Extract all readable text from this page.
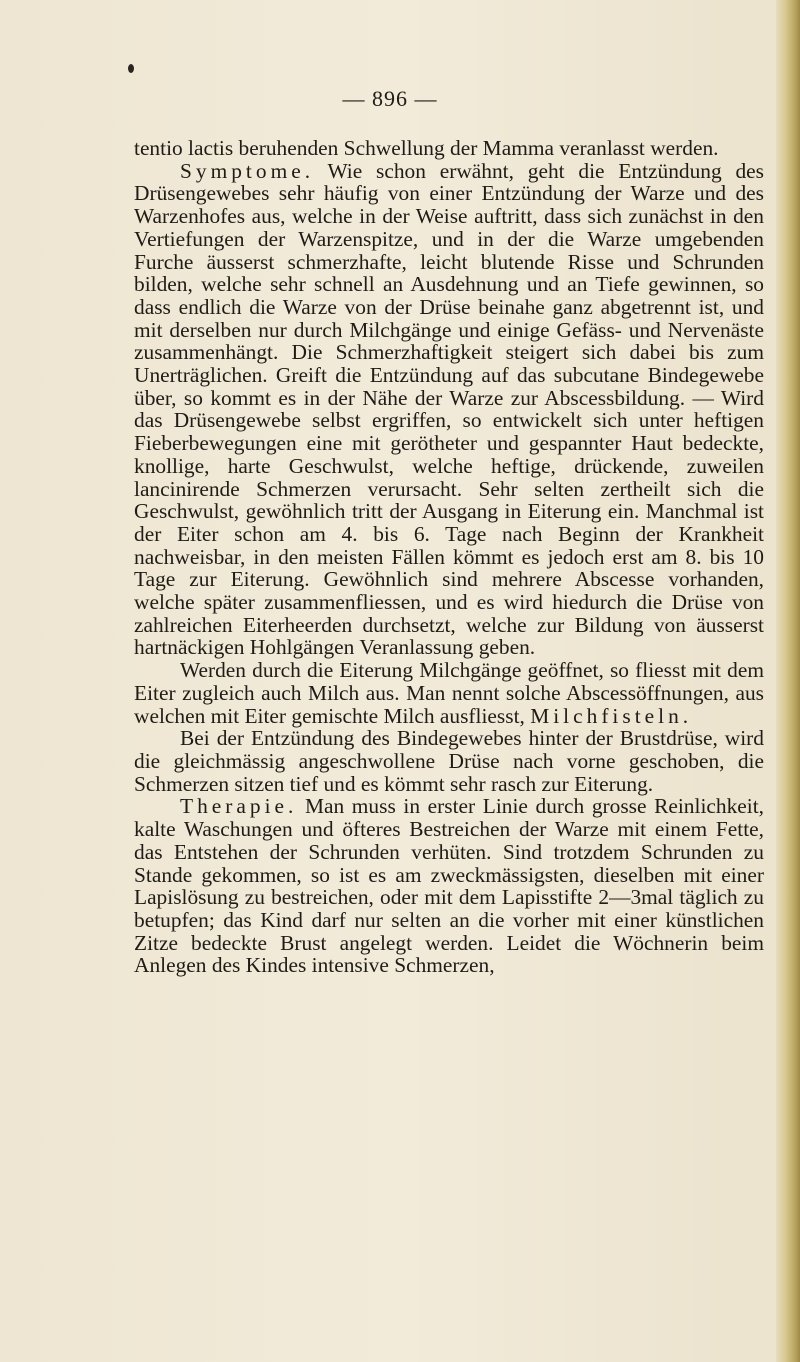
— 896 —

tentio lactis beruhenden Schwellung der Mamma veranlasst werden.

Symptome. Wie schon erwähnt, geht die Entzündung des Drüsengewebes sehr häufig von einer Entzündung der Warze und des Warzenhofes aus, welche in der Weise auftritt, dass sich zunächst in den Vertiefungen der Warzenspitze, und in der die Warze umgebenden Furche äusserst schmerzhafte, leicht blutende Risse und Schrunden bilden, welche sehr schnell an Ausdehnung und an Tiefe gewinnen, so dass endlich die Warze von der Drüse beinahe ganz abgetrennt ist, und mit derselben nur durch Milchgänge und einige Gefäss- und Nervenäste zusammenhängt. Die Schmerzhaftigkeit steigert sich dabei bis zum Unerträglichen. Greift die Entzündung auf das subcutane Bindegewebe über, so kommt es in der Nähe der Warze zur Abscessbildung. — Wird das Drüsengewebe selbst ergriffen, so entwickelt sich unter heftigen Fieberbewegungen eine mit gerötheter und gespannter Haut bedeckte, knollige, harte Geschwulst, welche heftige, drückende, zuweilen lancinirende Schmerzen verursacht. Sehr selten zertheilt sich die Geschwulst, gewöhnlich tritt der Ausgang in Eiterung ein. Manchmal ist der Eiter schon am 4. bis 6. Tage nach Beginn der Krankheit nachweisbar, in den meisten Fällen kömmt es jedoch erst am 8. bis 10 Tage zur Eiterung. Gewöhnlich sind mehrere Abscesse vorhanden, welche später zusammenfliessen, und es wird hiedurch die Drüse von zahlreichen Eiterheerden durchsetzt, welche zur Bildung von äusserst hartnäckigen Hohlgängen Veranlassung geben.

Werden durch die Eiterung Milchgänge geöffnet, so fliesst mit dem Eiter zugleich auch Milch aus. Man nennt solche Abscessöffnungen, aus welchen mit Eiter gemischte Milch ausfliesst, Milchfisteln.

Bei der Entzündung des Bindegewebes hinter der Brustdrüse, wird die gleichmässig angeschwollene Drüse nach vorne geschoben, die Schmerzen sitzen tief und es kömmt sehr rasch zur Eiterung.

Therapie. Man muss in erster Linie durch grosse Reinlichkeit, kalte Waschungen und öfteres Bestreichen der Warze mit einem Fette, das Entstehen der Schrunden verhüten. Sind trotzdem Schrunden zu Stande gekommen, so ist es am zweckmässigsten, dieselben mit einer Lapislösung zu bestreichen, oder mit dem Lapisstifte 2—3mal täglich zu betupfen; das Kind darf nur selten an die vorher mit einer künstlichen Zitze bedeckte Brust angelegt werden. Leidet die Wöchnerin beim Anlegen des Kindes intensive Schmerzen,
